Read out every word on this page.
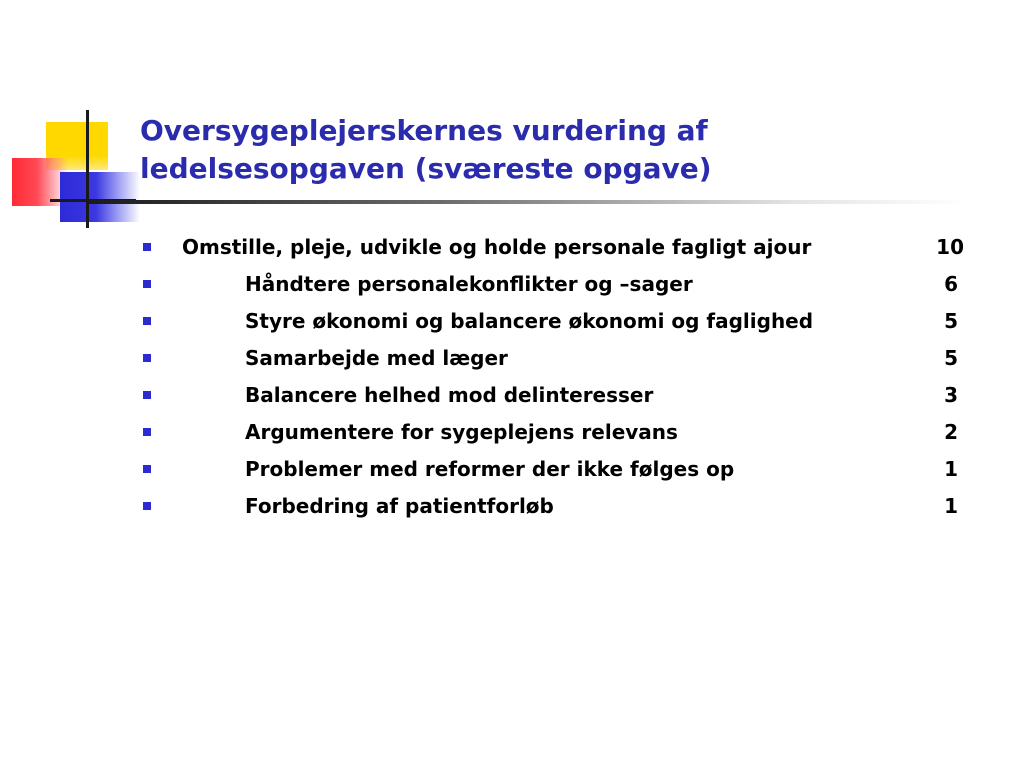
Oversygeplejerskernes vurdering af
ledelsesopgaven (sværeste opgave)
Omstille, pleje, udvikle og holde personale fagligt ajour	10
Håndtere personalekonflikter og –sager	6
Styre økonomi og balancere økonomi og faglighed	5
Samarbejde med læger	5
Balancere helhed mod delinteresser	3
Argumentere for sygeplejens relevans	2
Problemer med reformer der ikke følges op	1
Forbedring af patientforløb	1
